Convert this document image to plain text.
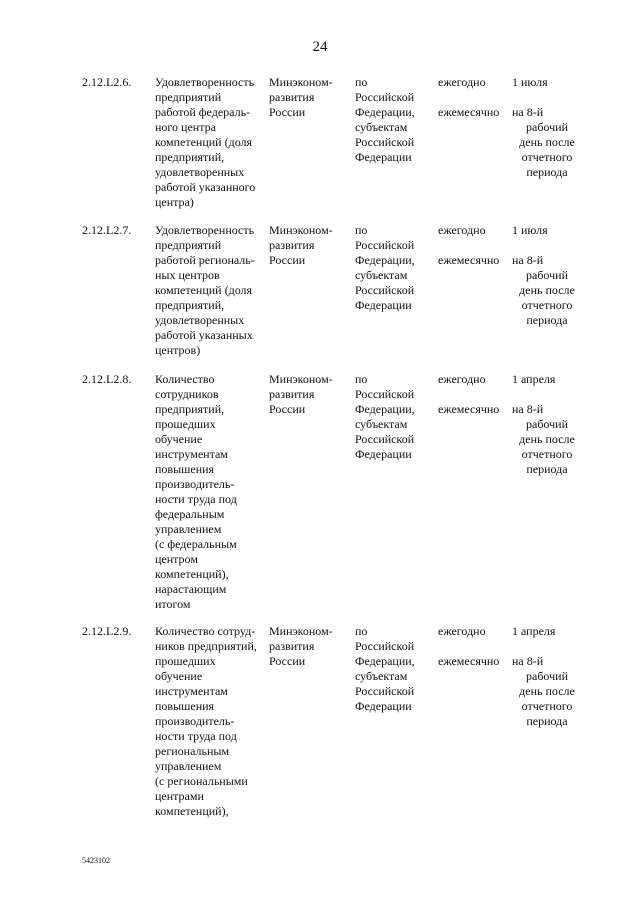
24
2.12.L2.6. Удовлетворенность
предприятий
работой федераль-
ного центра
компетенций (доля
предприятий,
удовлетворенных
работой указанного
центра)
Минэконом-
развития
России
по
Российской
Федерации,
субъектам
Российской
Федерации
ежегодно
ежемесячно
1 июля
на 8-й
рабочий
день после
отчетного
периода
2.12.L2.7. Удовлетворенность
предприятий
работой региональ-
ных центров
компетенций (доля
предприятий,
удовлетворенных
работой указанных
центров)
Минэконом-
развития
России
по
Российской
Федерации,
субъектам
Российской
Федерации
ежегодно
ежемесячно
1 июля
на 8-й
рабочий
день после
отчетного
периода
2.12.L2.8. Количество
сотрудников
предприятий,
прошедших
обучение
инструментам
повышения
производитель-
ности труда под
федеральным
управлением
(с федеральным
центром
компетенций),
нарастающим
итогом
Минэконом-
развития
России
по
Российской
Федерации,
субъектам
Российской
Федерации
ежегодно
ежемесячно
1 апреля
на 8-й
рабочий
день после
отчетного
периода
2.12.L2.9. Количество сотруд-
ников предприятий,
прошедших
обучение
инструментам
повышения
производитель-
ности труда под
региональным
управлением
(с региональными
центрами
компетенций),
Минэконом-
развития
России
по
Российской
Федерации,
субъектам
Российской
Федерации
ежегодно
ежемесячно
1 апреля
на 8-й
рабочий
день после
отчетного
периода
5423102
